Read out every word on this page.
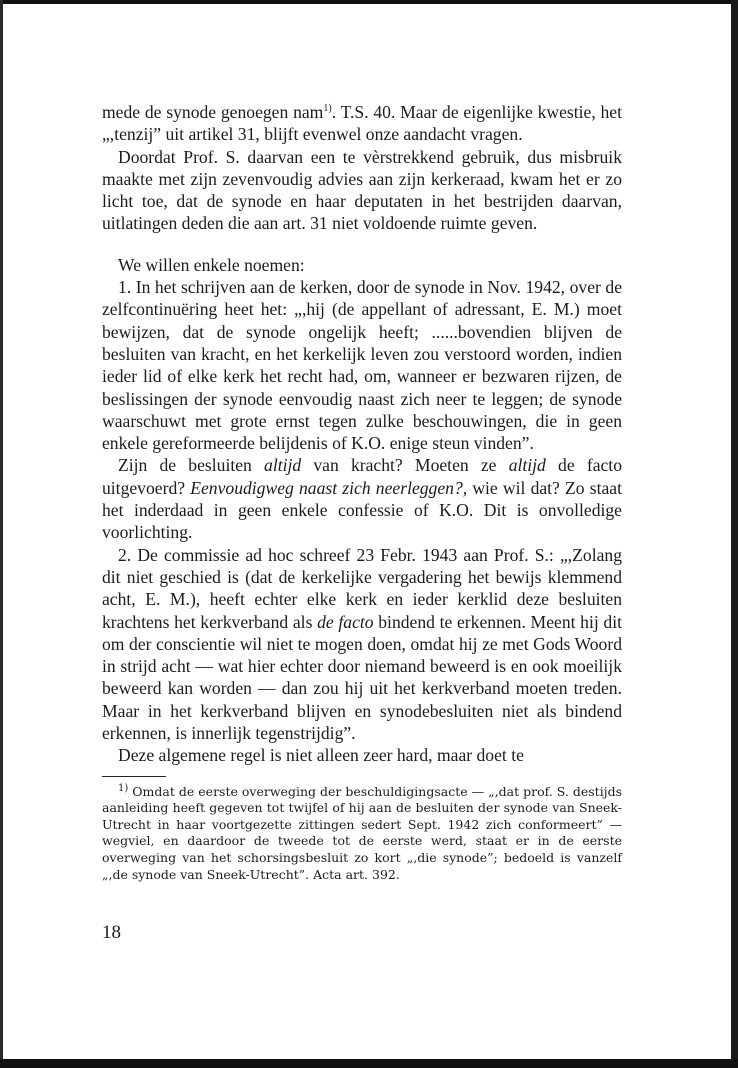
mede de synode genoegen nam$^{1)}$. T.S. 40. Maar de eigenlijke kwestie, het „,tenzij” uit artikel 31, blijft evenwel onze aandacht vragen.

Doordat Prof. S. daarvan een te vèrstrekkend gebruik, dus misbruik maakte met zijn zevenvoudig advies aan zijn kerkeraad, kwam het er zo licht toe, dat de synode en haar deputaten in het bestrijden daarvan, uitlatingen deden die aan art. 31 niet voldoende ruimte geven.

We willen enkele noemen:

1. In het schrijven aan de kerken, door de synode in Nov. 1942, over de zelfcontinuëring heet het: „,hij (de appellant of adressant, E. M.) moet bewijzen, dat de synode ongelijk heeft; ......bovendien blijven de besluiten van kracht, en het kerkelijk leven zou verstoord worden, indien ieder lid of elke kerk het recht had, om, wanneer er bezwaren rijzen, de beslissingen der synode eenvoudig naast zich neer te leggen; de synode waarschuwt met grote ernst tegen zulke beschouwingen, die in geen enkele gereformeerde belijdenis of K.O. enige steun vinden”.

Zijn de besluiten altijd van kracht? Moeten ze altijd de facto uitgevoerd? Eenvoudigweg naast zich neerleggen?, wie wil dat? Zo staat het inderdaad in geen enkele confessie of K.O. Dit is onvolledige voorlichting.

2. De commissie ad hoc schreef 23 Febr. 1943 aan Prof. S.: „,Zolang dit niet geschied is (dat de kerkelijke vergadering het bewijs klemmend acht, E. M.), heeft echter elke kerk en ieder kerklid deze besluiten krachtens het kerkverband als de facto bindend te erkennen. Meent hij dit om der conscientie wil niet te mogen doen, omdat hij ze met Gods Woord in strijd acht — wat hier echter door niemand beweerd is en ook moeilijk beweerd kan worden — dan zou hij uit het kerkverband moeten treden. Maar in het kerkverband blijven en synodebesluiten niet als bindend erkennen, is innerlijk tegenstrijdig”.

Deze algemene regel is niet alleen zeer hard, maar doet te

$^{1)}$ Omdat de eerste overweging der beschuldigingsacte — „,dat prof. S. destijds aanleiding heeft gegeven tot twijfel of hij aan de besluiten der synode van Sneek-Utrecht in haar voortgezette zittingen sedert Sept. 1942 zich conformeert” — wegviel, en daardoor de tweede tot de eerste werd, staat er in de eerste overweging van het schorsingsbesluit zo kort „,die synode”; bedoeld is vanzelf „,de synode van Sneek-Utrecht”. Acta art. 392.

18
